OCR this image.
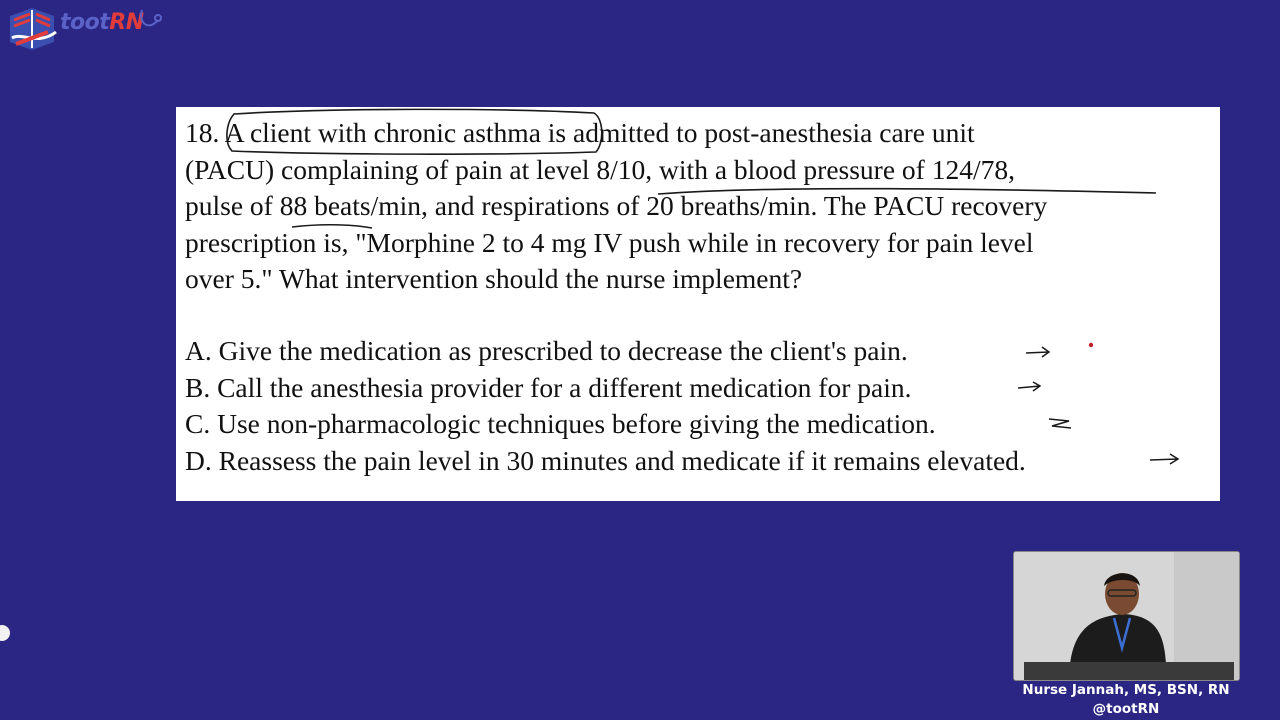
tootRN

18. A client with chronic asthma is admitted to post-anesthesia care unit

(PACU) complaining of pain at level 8/10, with a blood pressure of 124/78,

pulse of 88 beats/min, and respirations of 20 breaths/min. The PACU recovery

prescription is, "Morphine 2 to 4 mg IV push while in recovery for pain level

over 5." What intervention should the nurse implement?

A. Give the medication as prescribed to decrease the client's pain.
B. Call the anesthesia provider for a different medication for pain.
C. Use non-pharmacologic techniques before giving the medication.
D. Reassess the pain level in 30 minutes and medicate if it remains elevated.
Nurse Jannah, MS, BSN, RN
@tootRN
